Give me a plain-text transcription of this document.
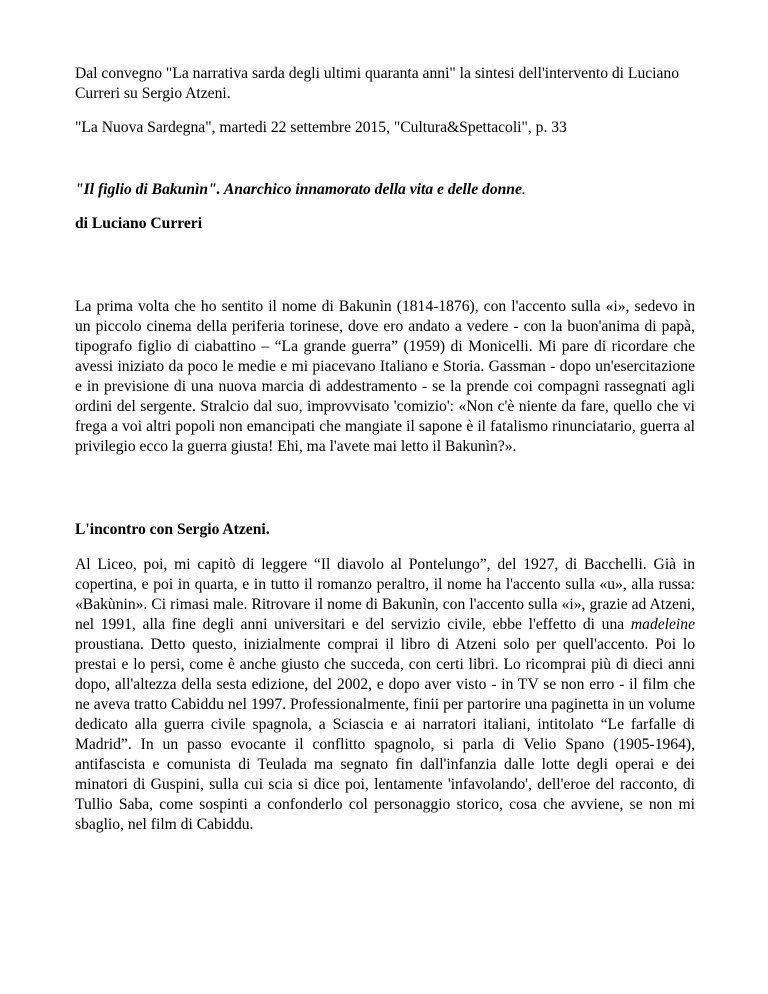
Dal convegno "La narrativa sarda degli ultimi quaranta anni" la sintesi dell'intervento di Luciano Curreri su Sergio Atzeni.

"La Nuova Sardegna", martedi 22 settembre 2015, "Cultura&Spettacoli", p. 33

"Il figlio di Bakunìn". Anarchico innamorato della vita e delle donne.

di Luciano Curreri

La prima volta che ho sentito il nome di Bakunìn (1814-1876), con l'accento sulla «i», sedevo in un piccolo cinema della periferia torinese, dove ero andato a vedere - con la buon'anima di papà, tipografo figlio di ciabattino – “La grande guerra” (1959) di Monicelli. Mi pare di ricordare che avessi iniziato da poco le medie e mi piacevano Italiano e Storia. Gassman - dopo un'esercitazione e in previsione di una nuova marcia di addestramento - se la prende coi compagni rassegnati agli ordini del sergente. Stralcio dal suo, improvvisato 'comizio': «Non c'è niente da fare, quello che vi frega a voi altri popoli non emancipati che mangiate il sapone è il fatalismo rinunciatario, guerra al privilegio ecco la guerra giusta! Ehi, ma l'avete mai letto il Bakunìn?».

L'incontro con Sergio Atzeni.

Al Liceo, poi, mi capitò di leggere “Il diavolo al Pontelungo”, del 1927, di Bacchelli. Già in copertina, e poi in quarta, e in tutto il romanzo peraltro, il nome ha l'accento sulla «u», alla russa: «Bakùnin». Ci rimasi male. Ritrovare il nome di Bakunìn, con l'accento sulla «i», grazie ad Atzeni, nel 1991, alla fine degli anni universitari e del servizio civile, ebbe l'effetto di una madeleine proustiana. Detto questo, inizialmente comprai il libro di Atzeni solo per quell'accento. Poi lo prestai e lo persi, come è anche giusto che succeda, con certi libri. Lo ricomprai più di dieci anni dopo, all'altezza della sesta edizione, del 2002, e dopo aver visto - in TV se non erro - il film che ne aveva tratto Cabiddu nel 1997. Professionalmente, finii per partorire una paginetta in un volume dedicato alla guerra civile spagnola, a Sciascia e ai narratori italiani, intitolato “Le farfalle di Madrid”. In un passo evocante il conflitto spagnolo, si parla di Velio Spano (1905-1964), antifascista e comunista di Teulada ma segnato fin dall'infanzia dalle lotte degli operai e dei minatori di Guspini, sulla cui scia si dice poi, lentamente 'infavolando', dell'eroe del racconto, di Tullio Saba, come sospinti a confonderlo col personaggio storico, cosa che avviene, se non mi sbaglio, nel film di Cabiddu.
